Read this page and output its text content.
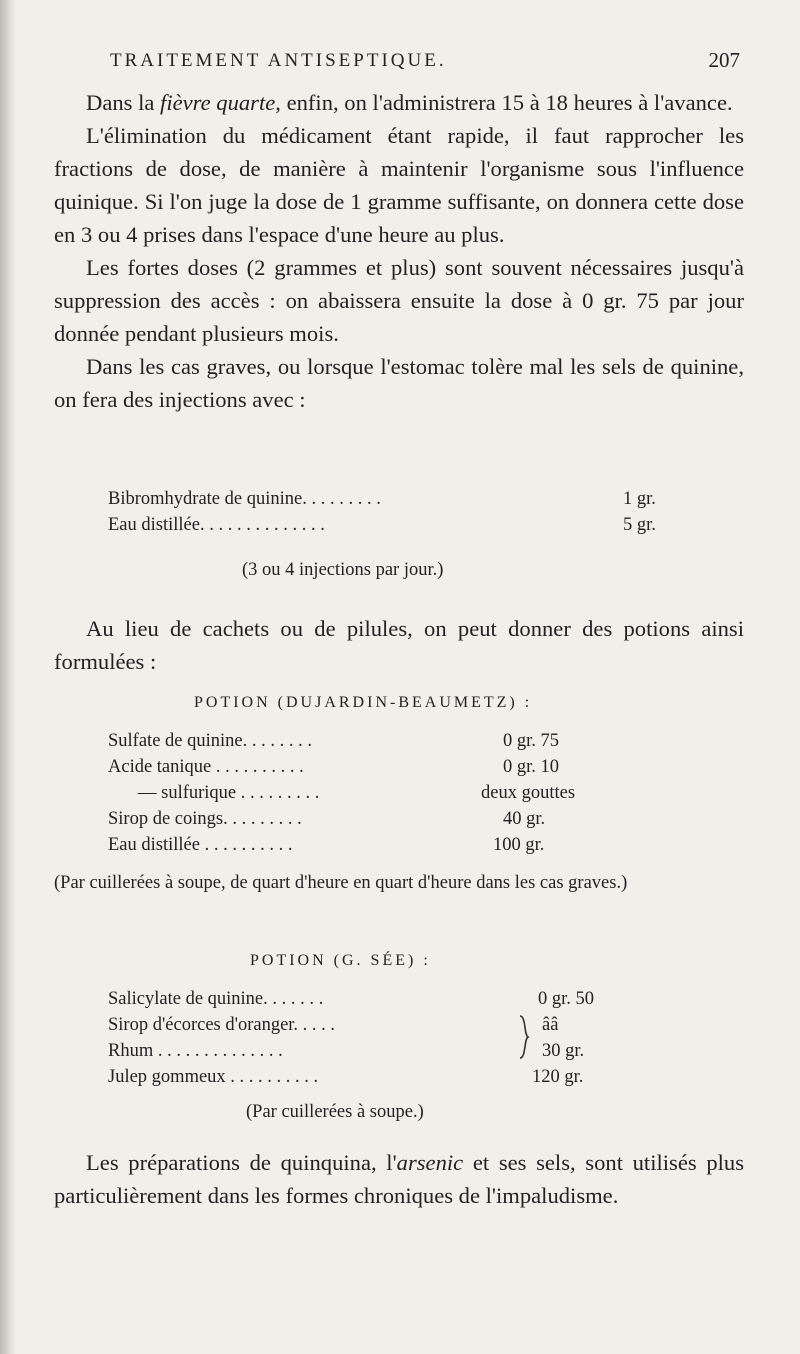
TRAITEMENT ANTISEPTIQUE.	207

Dans la fièvre quarte, enfin, on l'administrera 15 à 18 heures à l'avance.

L'élimination du médicament étant rapide, il faut rapprocher les fractions de dose, de manière à maintenir l'organisme sous l'influence quinique. Si l'on juge la dose de 1 gramme suffisante, on donnera cette dose en 3 ou 4 prises dans l'espace d'une heure au plus.

Les fortes doses (2 grammes et plus) sont souvent nécessaires jusqu'à suppression des accès : on abaissera ensuite la dose à 0 gr. 75 par jour donnée pendant plusieurs mois.

Dans les cas graves, ou lorsque l'estomac tolère mal les sels de quinine, on fera des injections avec :

Bibromhydrate de quinine. . . . . . . . .	1 gr.
Eau distillée. . . . . . . . . . . . . .	5 gr.
(3 ou 4 injections par jour.)

Au lieu de cachets ou de pilules, on peut donner des potions ainsi formulées :

POTION (DUJARDIN-BEAUMETZ) :
Sulfate de quinine. . . . . . . .	0 gr. 75
Acide tanique . . . . . . . . . .	0 gr. 10
— sulfurique . . . . . . . . .	deux gouttes
Sirop de coings. . . . . . . . .	40 gr.
Eau distillée . . . . . . . . . .	100 gr.
(Par cuillerées à soupe, de quart d'heure en quart d'heure dans les cas graves.)
POTION (G. SÉE) :
Salicylate de quinine. . . . . . .	0 gr. 50
Sirop d'écorces d'oranger. . . . .	ââ
Rhum . . . . . . . . . . . . . .	30 gr.
Julep gommeux . . . . . . . . . .	120 gr.
(Par cuillerées à soupe.)

Les préparations de quinquina, l'arsenic et ses sels, sont utilisés plus particulièrement dans les formes chroniques de l'impaludisme.
